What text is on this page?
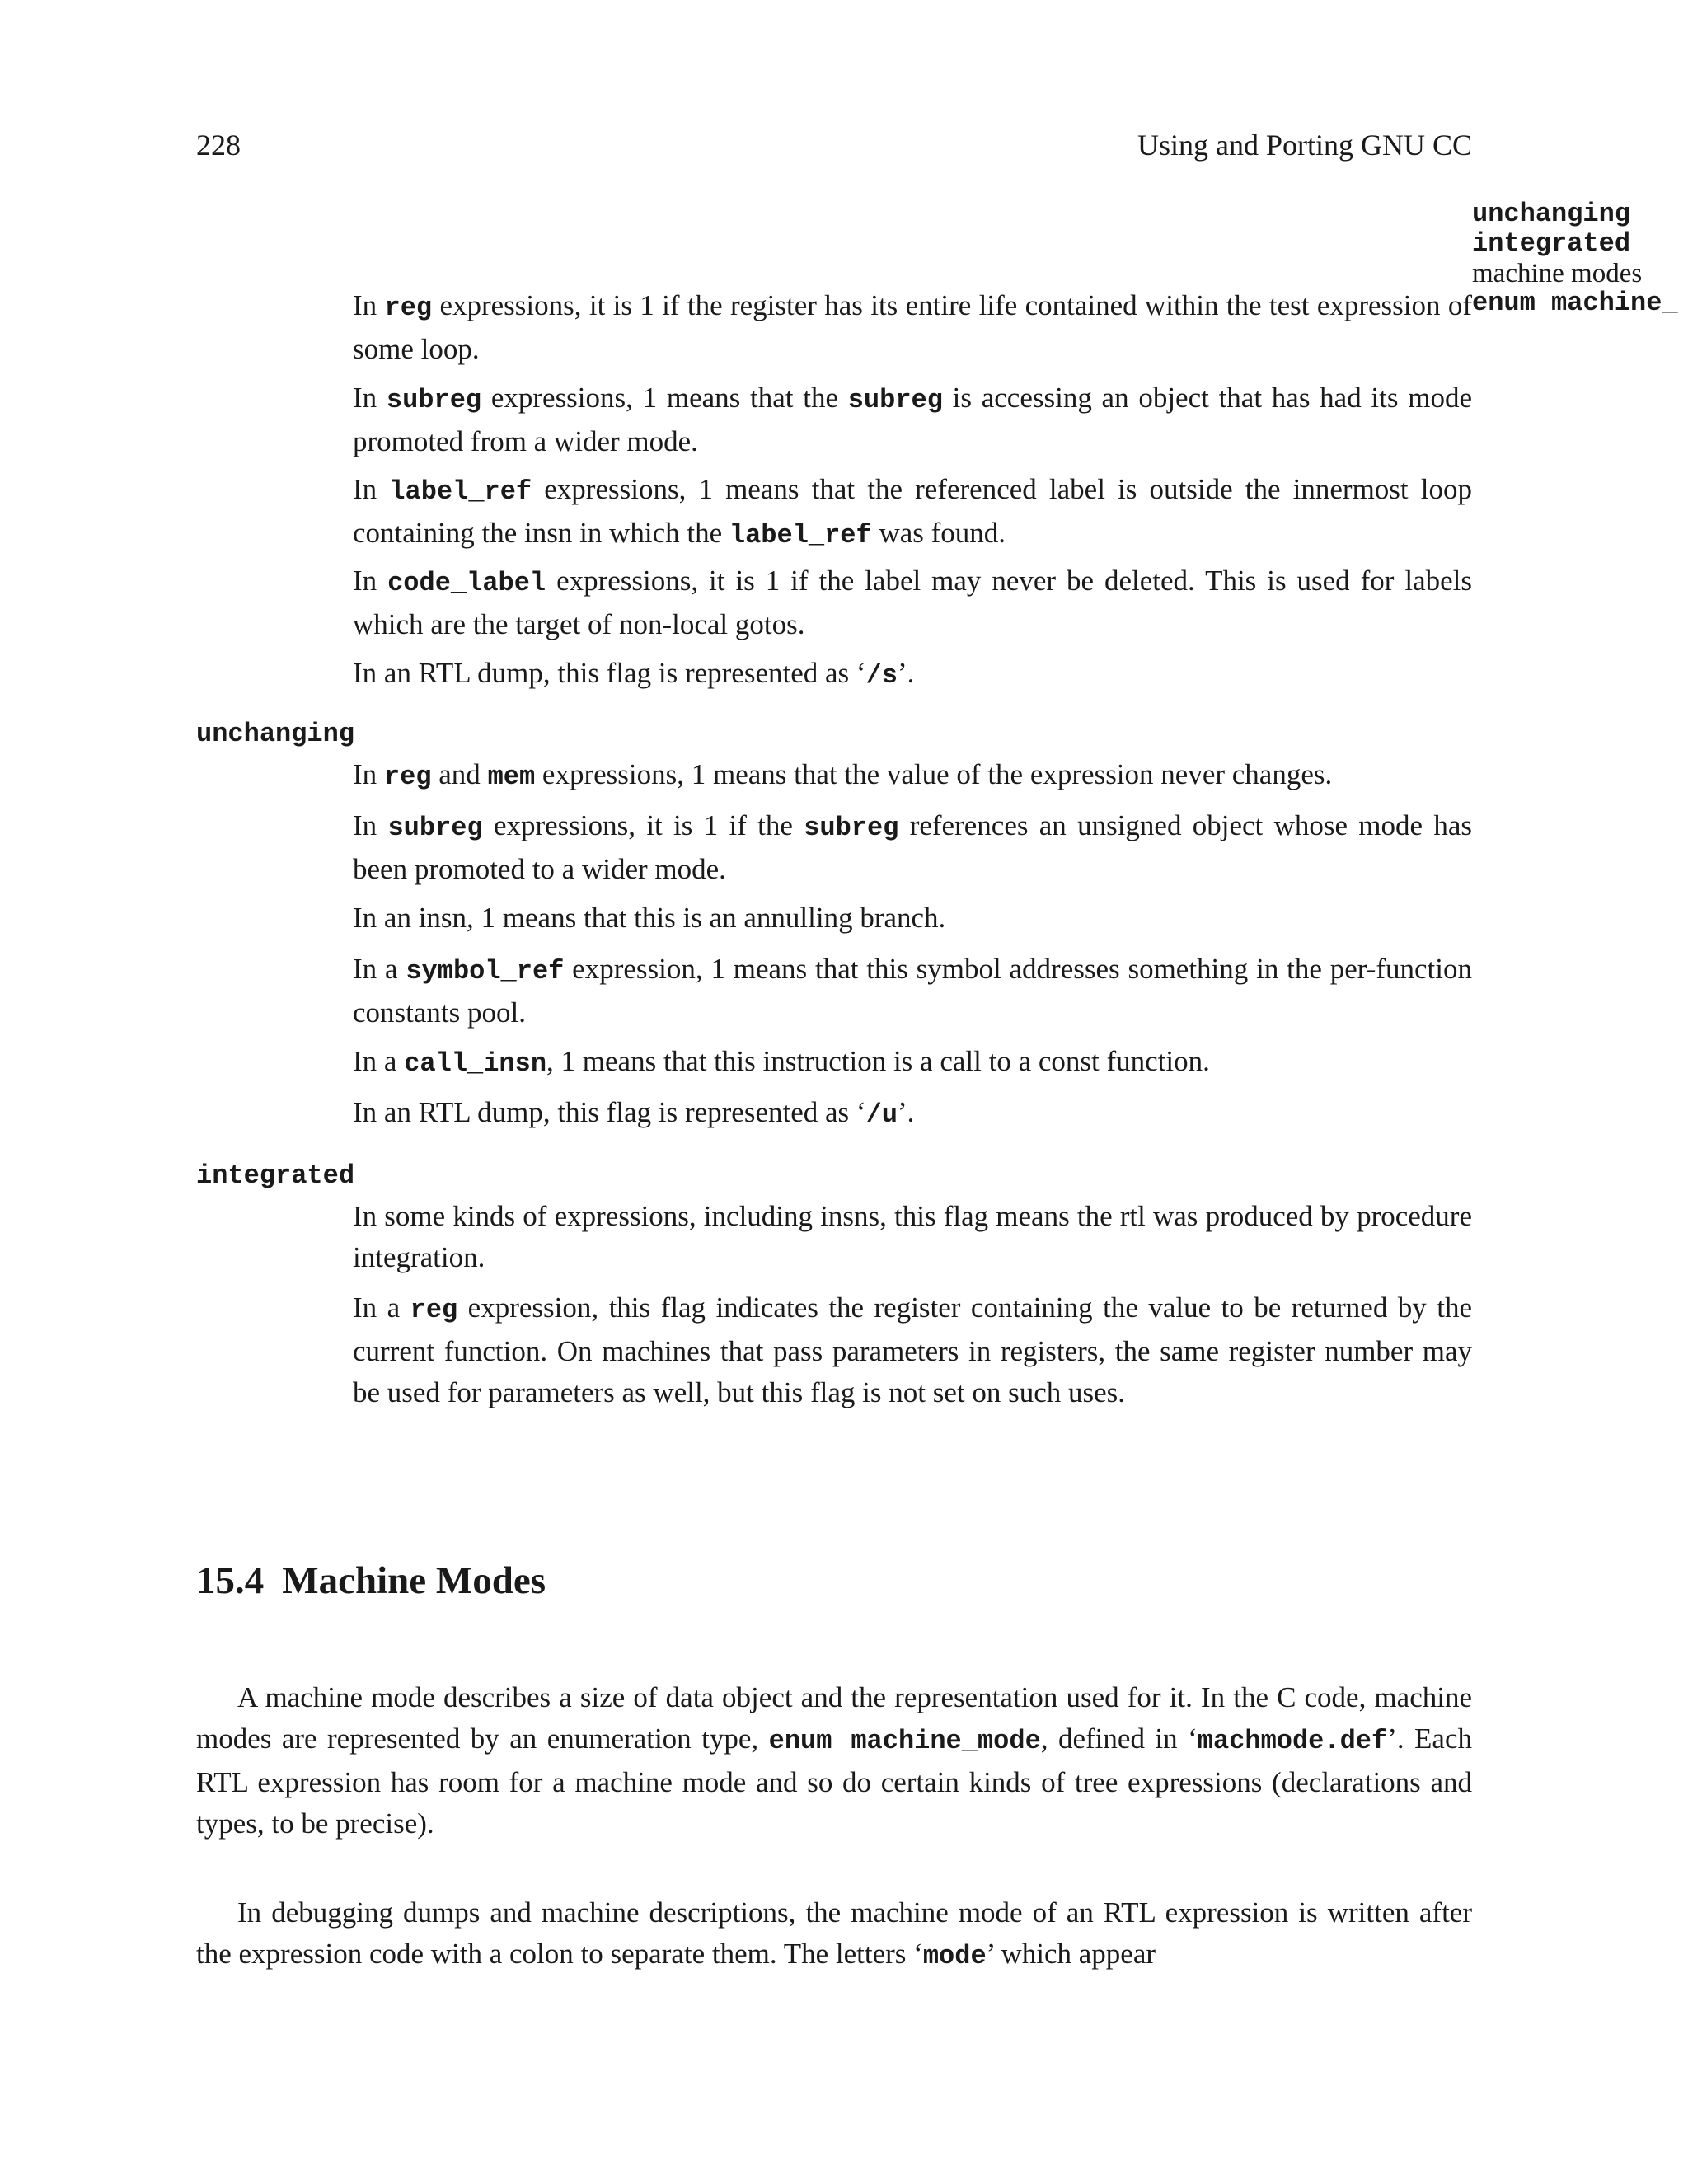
228	Using and Porting GNU CC
unchanging
integrated
machine modes
enum machine_

In reg expressions, it is 1 if the register has its entire life contained within the test expression of some loop.

In subreg expressions, 1 means that the subreg is accessing an object that has had its mode promoted from a wider mode.

In label_ref expressions, 1 means that the referenced label is outside the innermost loop containing the insn in which the label_ref was found.

In code_label expressions, it is 1 if the label may never be deleted. This is used for labels which are the target of non-local gotos.

In an RTL dump, this flag is represented as ‘/s’.

unchanging

In reg and mem expressions, 1 means that the value of the expression never changes.

In subreg expressions, it is 1 if the subreg references an unsigned object whose mode has been promoted to a wider mode.

In an insn, 1 means that this is an annulling branch.

In a symbol_ref expression, 1 means that this symbol addresses something in the per-function constants pool.

In a call_insn, 1 means that this instruction is a call to a const function.

In an RTL dump, this flag is represented as ‘/u’.

integrated

In some kinds of expressions, including insns, this flag means the rtl was produced by procedure integration.

In a reg expression, this flag indicates the register containing the value to be returned by the current function. On machines that pass parameters in registers, the same register number may be used for parameters as well, but this flag is not set on such uses.

15.4 Machine Modes

A machine mode describes a size of data object and the representation used for it. In the C code, machine modes are represented by an enumeration type, enum machine_mode, defined in ‘machmode.def’. Each RTL expression has room for a machine mode and so do certain kinds of tree expressions (declarations and types, to be precise).

In debugging dumps and machine descriptions, the machine mode of an RTL expression is written after the expression code with a colon to separate them. The letters ‘mode’ which appear
